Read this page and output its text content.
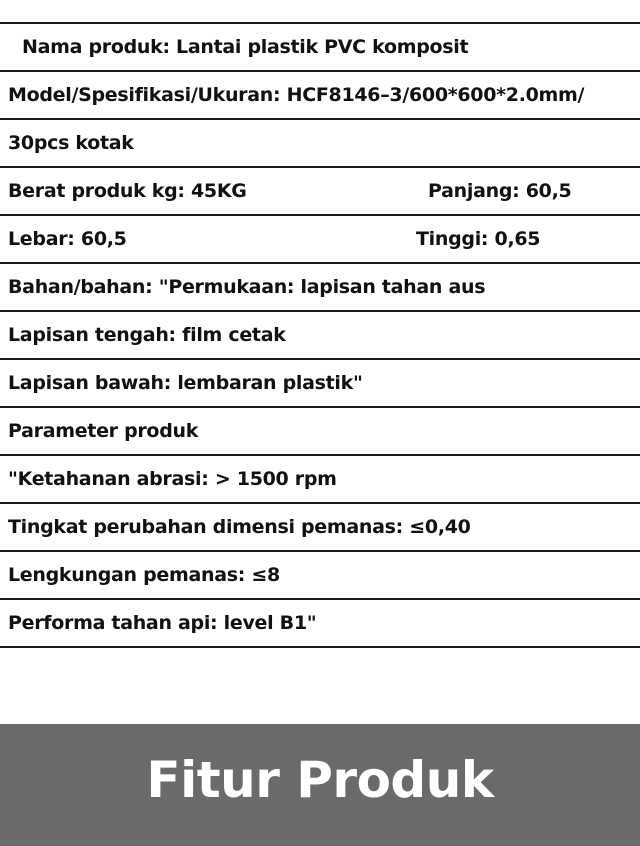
Nama produk: Lantai plastik PVC komposit
Model/Spesifikasi/Ukuran: HCF8146–3/600*600*2.0mm/
30pcs kotak
Berat produk kg: 45KG	Panjang: 60,5
Lebar: 60,5	Tinggi: 0,65
Bahan/bahan: "Permukaan: lapisan tahan aus
Lapisan tengah: film cetak
Lapisan bawah: lembaran plastik"
Parameter produk
"Ketahanan abrasi: > 1500 rpm
Tingkat perubahan dimensi pemanas: ≤0,40
Lengkungan pemanas: ≤8
Performa tahan api: level B1"
Fitur Produk
